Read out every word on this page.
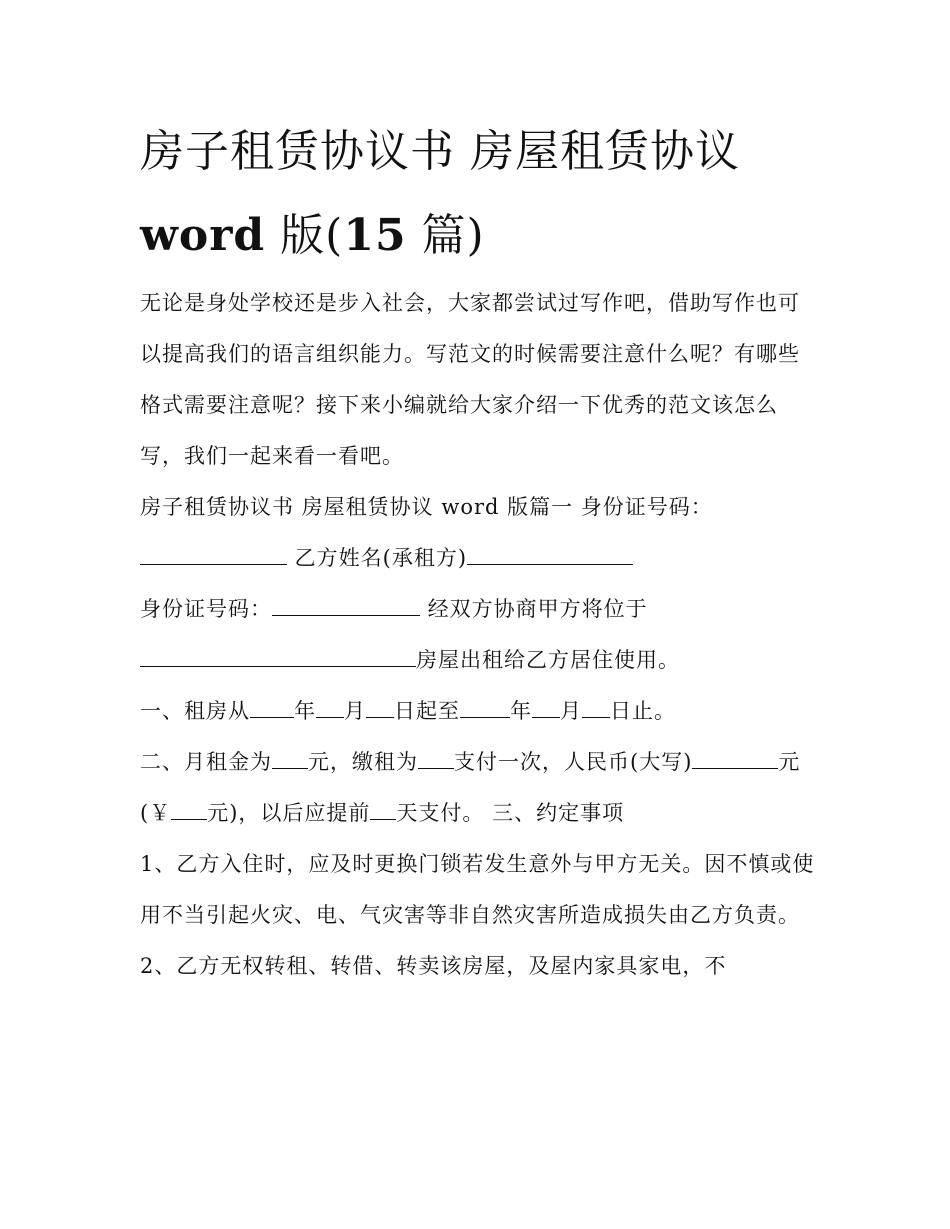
房子租赁协议书 房屋租赁协议
word 版(15 篇)

无论是身处学校还是步入社会，大家都尝试过写作吧，借助写作也可以提高我们的语言组织能力。写范文的时候需要注意什么呢？有哪些格式需要注意呢？接下来小编就给大家介绍一下优秀的范文该怎么写，我们一起来看一看吧。

房子租赁协议书 房屋租赁协议 word 版篇一 身份证号码：

乙方姓名(承租方)

身份证号码：	经双方协商甲方将位于

房屋出租给乙方居住使用。

一、租房从 年 月 日起至 年 月 日止。

二、月租金为 元，缴租为 支付一次，人民币(大写)	元(￥ 元)，以后应提前 天支付。 三、约定事项

1、乙方入住时，应及时更换门锁若发生意外与甲方无关。因不慎或使用不当引起火灾、电、气灾害等非自然灾害所造成损失由乙方负责。

2、乙方无权转租、转借、转卖该房屋，及屋内家具家电，不
